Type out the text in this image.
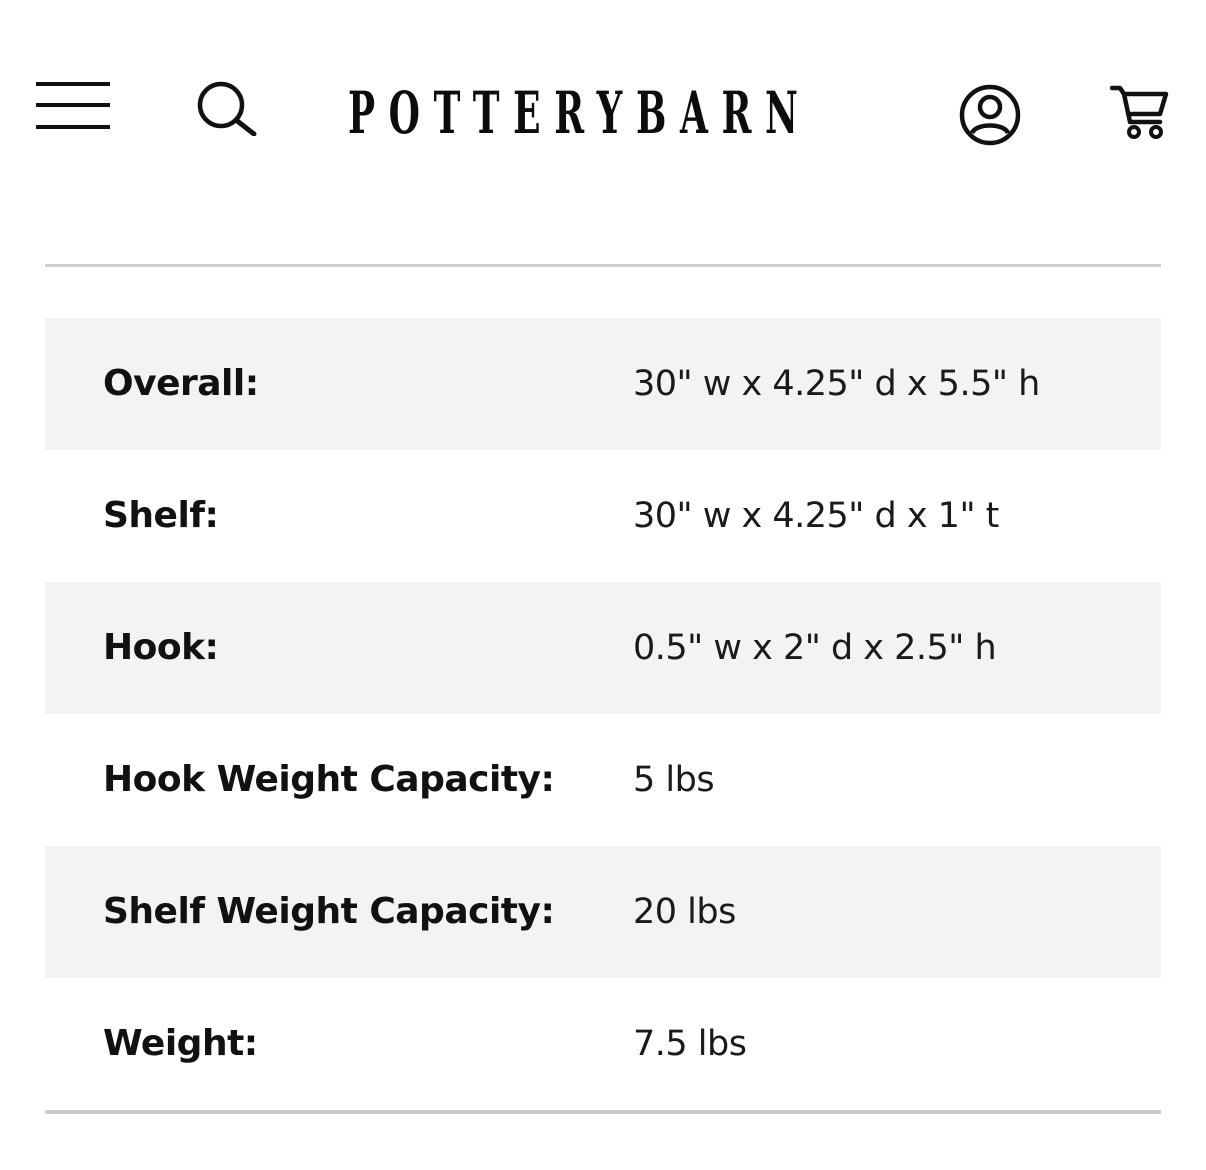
POTTERYBARN
Overall:	30" w x 4.25" d x 5.5" h
Shelf:	30" w x 4.25" d x 1" t
Hook:	0.5" w x 2" d x 2.5" h
Hook Weight Capacity: 5 lbs
Shelf Weight Capacity: 20 lbs
Weight:	7.5 lbs
